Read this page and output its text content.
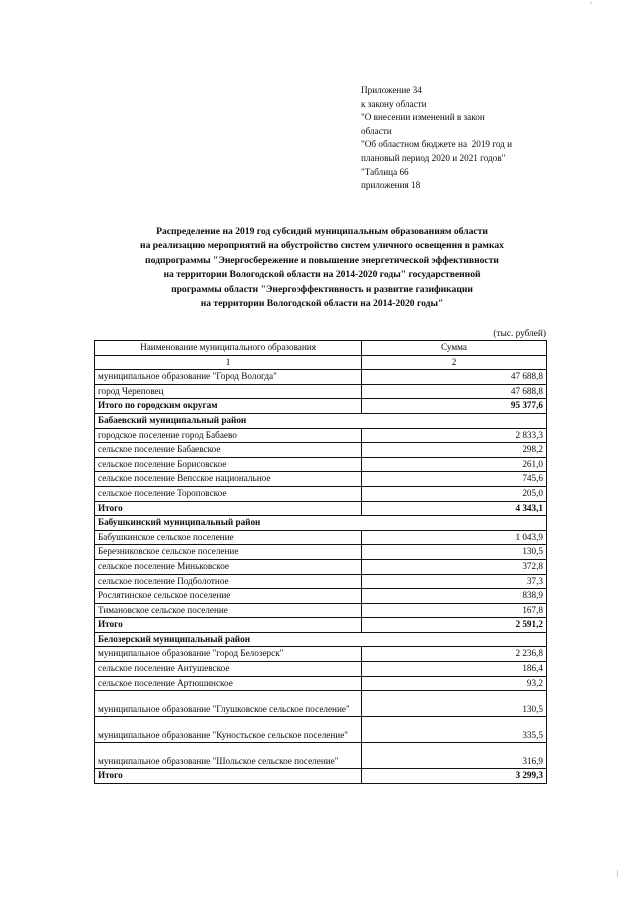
Приложение 34
к закону области
"О внесении изменений в закон
области
"Об областном бюджете на  2019 год и
плановый период 2020 и 2021 годов"
"Таблица 66
приложения 18
Распределение на 2019 год субсидий муниципальным образованиям области
на реализацию мероприятий на обустройство систем уличного освещения в рамках
подпрограммы "Энергосбережение и повышение энергетической эффективности
на территории Вологодской области на 2014-2020 годы" государственной
программы области "Энергоэффективность и развитие газификации
на территории Вологодской области на 2014-2020 годы"
(тыс. рублей)
Наименование муниципального образования	Сумма
1	2
муниципальное образование "Город Вологда"	47 688,8
город Череповец	47 688,8
Итого по городским округам	95 377,6
Бабаевский муниципальный район	
городское поселение город Бабаево	2 833,3
сельское поселение Бабаевское	298,2
сельское поселение Борисовское	261,0
сельское поселение Вепсское национальное	745,6
сельское поселение Тороповское	205,0
Итого	4 343,1
Бабушкинский муниципальный район	
Бабушкинское сельское поселение	1 043,9
Березниковское сельское поселение	130,5
сельское поселение Миньковское	372,8
сельское поселение Подболотное	37,3
Рослятинское сельское поселение	838,9
Тимановское сельское поселение	167,8
Итого	2 591,2
Белозерский муниципальный район	
муниципальное образование "город Белозерск"	2 236,8
сельское поселение Антушевское	186,4
сельское поселение Артюшинское	93,2
муниципальное образование "Глушковское сельское поселение"	130,5
муниципальное образование "Куностьское сельское поселение"	335,5
муниципальное образование "Шольское сельское поселение"	316,9
Итого	3 299,3
